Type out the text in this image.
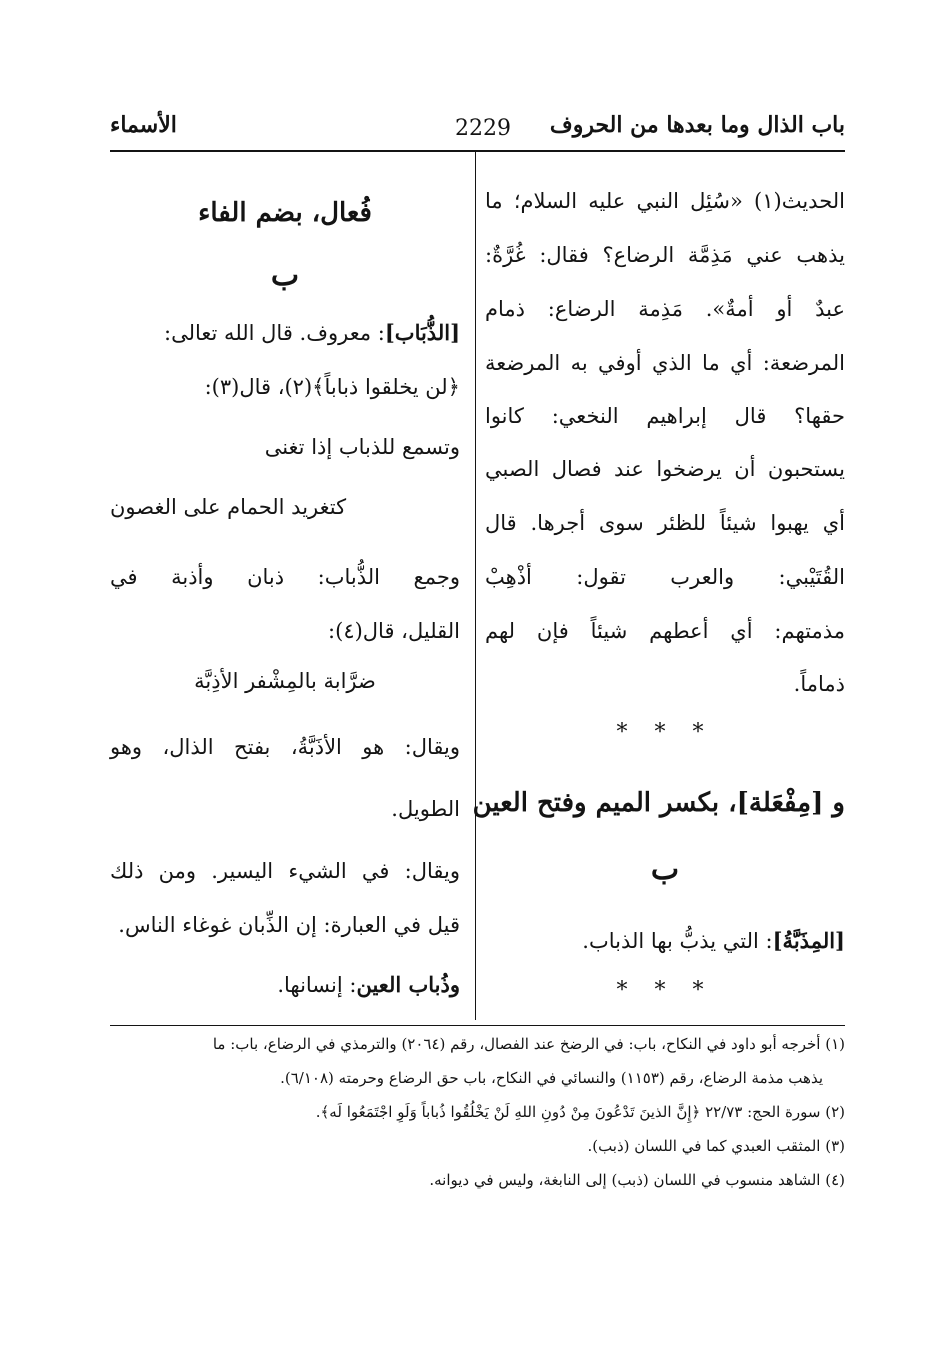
باب الذال وما بعدها من الحروف
2229
الأسماء
الحديث(١) «سُئِل النبي عليه السلام؛ ما
يذهب عني مَذِمَّة الرضاع؟ فقال: غُرَّةٌ:
عبدٌ أو أمةٌ». مَذِمة الرضاع: ذمام
المرضعة: أي ما الذي أوفي به المرضعة
حقها؟ قال إبراهيم النخعي: كانوا
يستحبون أن يرضخوا عند فصال الصبي
أي يهبوا شيئاً للظئر سوى أجرها. قال
القُتَيْبي: والعرب تقول: أذْهِبْ
مذمتهم: أي أعطهم شيئاً فإن لهم
ذماماً.
* * *
و [مِفْعَلة]، بكسر الميم وفتح العين
ب
[المِذَبَّةُ]: التي يذبُّ بها الذباب.
* * *
فُعال، بضم الفاء
ب
[الذُّبَاب]: معروف. قال الله تعالى:
﴿لن يخلقوا ذباباً﴾(٢)، قال(٣):
وتسمع للذباب إذا تغنى
كتغريد الحمام على الغصون
وجمع الذُّباب: ذبان وأذبة في
القليل، قال(٤):
ضرَّابة بالمِشْفر الأذِبَّة
ويقال: هو الأذَبَّةُ، بفتح الذال، وهو
الطويل.
ويقال: في الشيء اليسير. ومن ذلك
قيل في العبارة: إن الذِّبان غوغاء الناس.
وذُباب العين: إنسانها.
(١) أخرجه أبو داود في النكاح، باب: في الرضخ عند الفصال، رقم (٢٠٦٤) والترمذي في الرضاع، باب: ما
يذهب مذمة الرضاع، رقم (١١٥٣) والنسائي في النكاح، باب حق الرضاع وحرمته (٦/١٠٨).
(٢) سورة الحج: ٢٢/٧٣ ﴿إِنَّ الذينَ تَدْعُونَ مِنْ دُونِ اللهِ لَنْ يَخْلُقُوا ذُباباً وَلَوِ اجْتَمَعُوا لَه﴾.
(٣) المثقب العبدي كما في اللسان (ذبب).
(٤) الشاهد منسوب في اللسان (ذبب) إلى النابغة، وليس في ديوانه.
